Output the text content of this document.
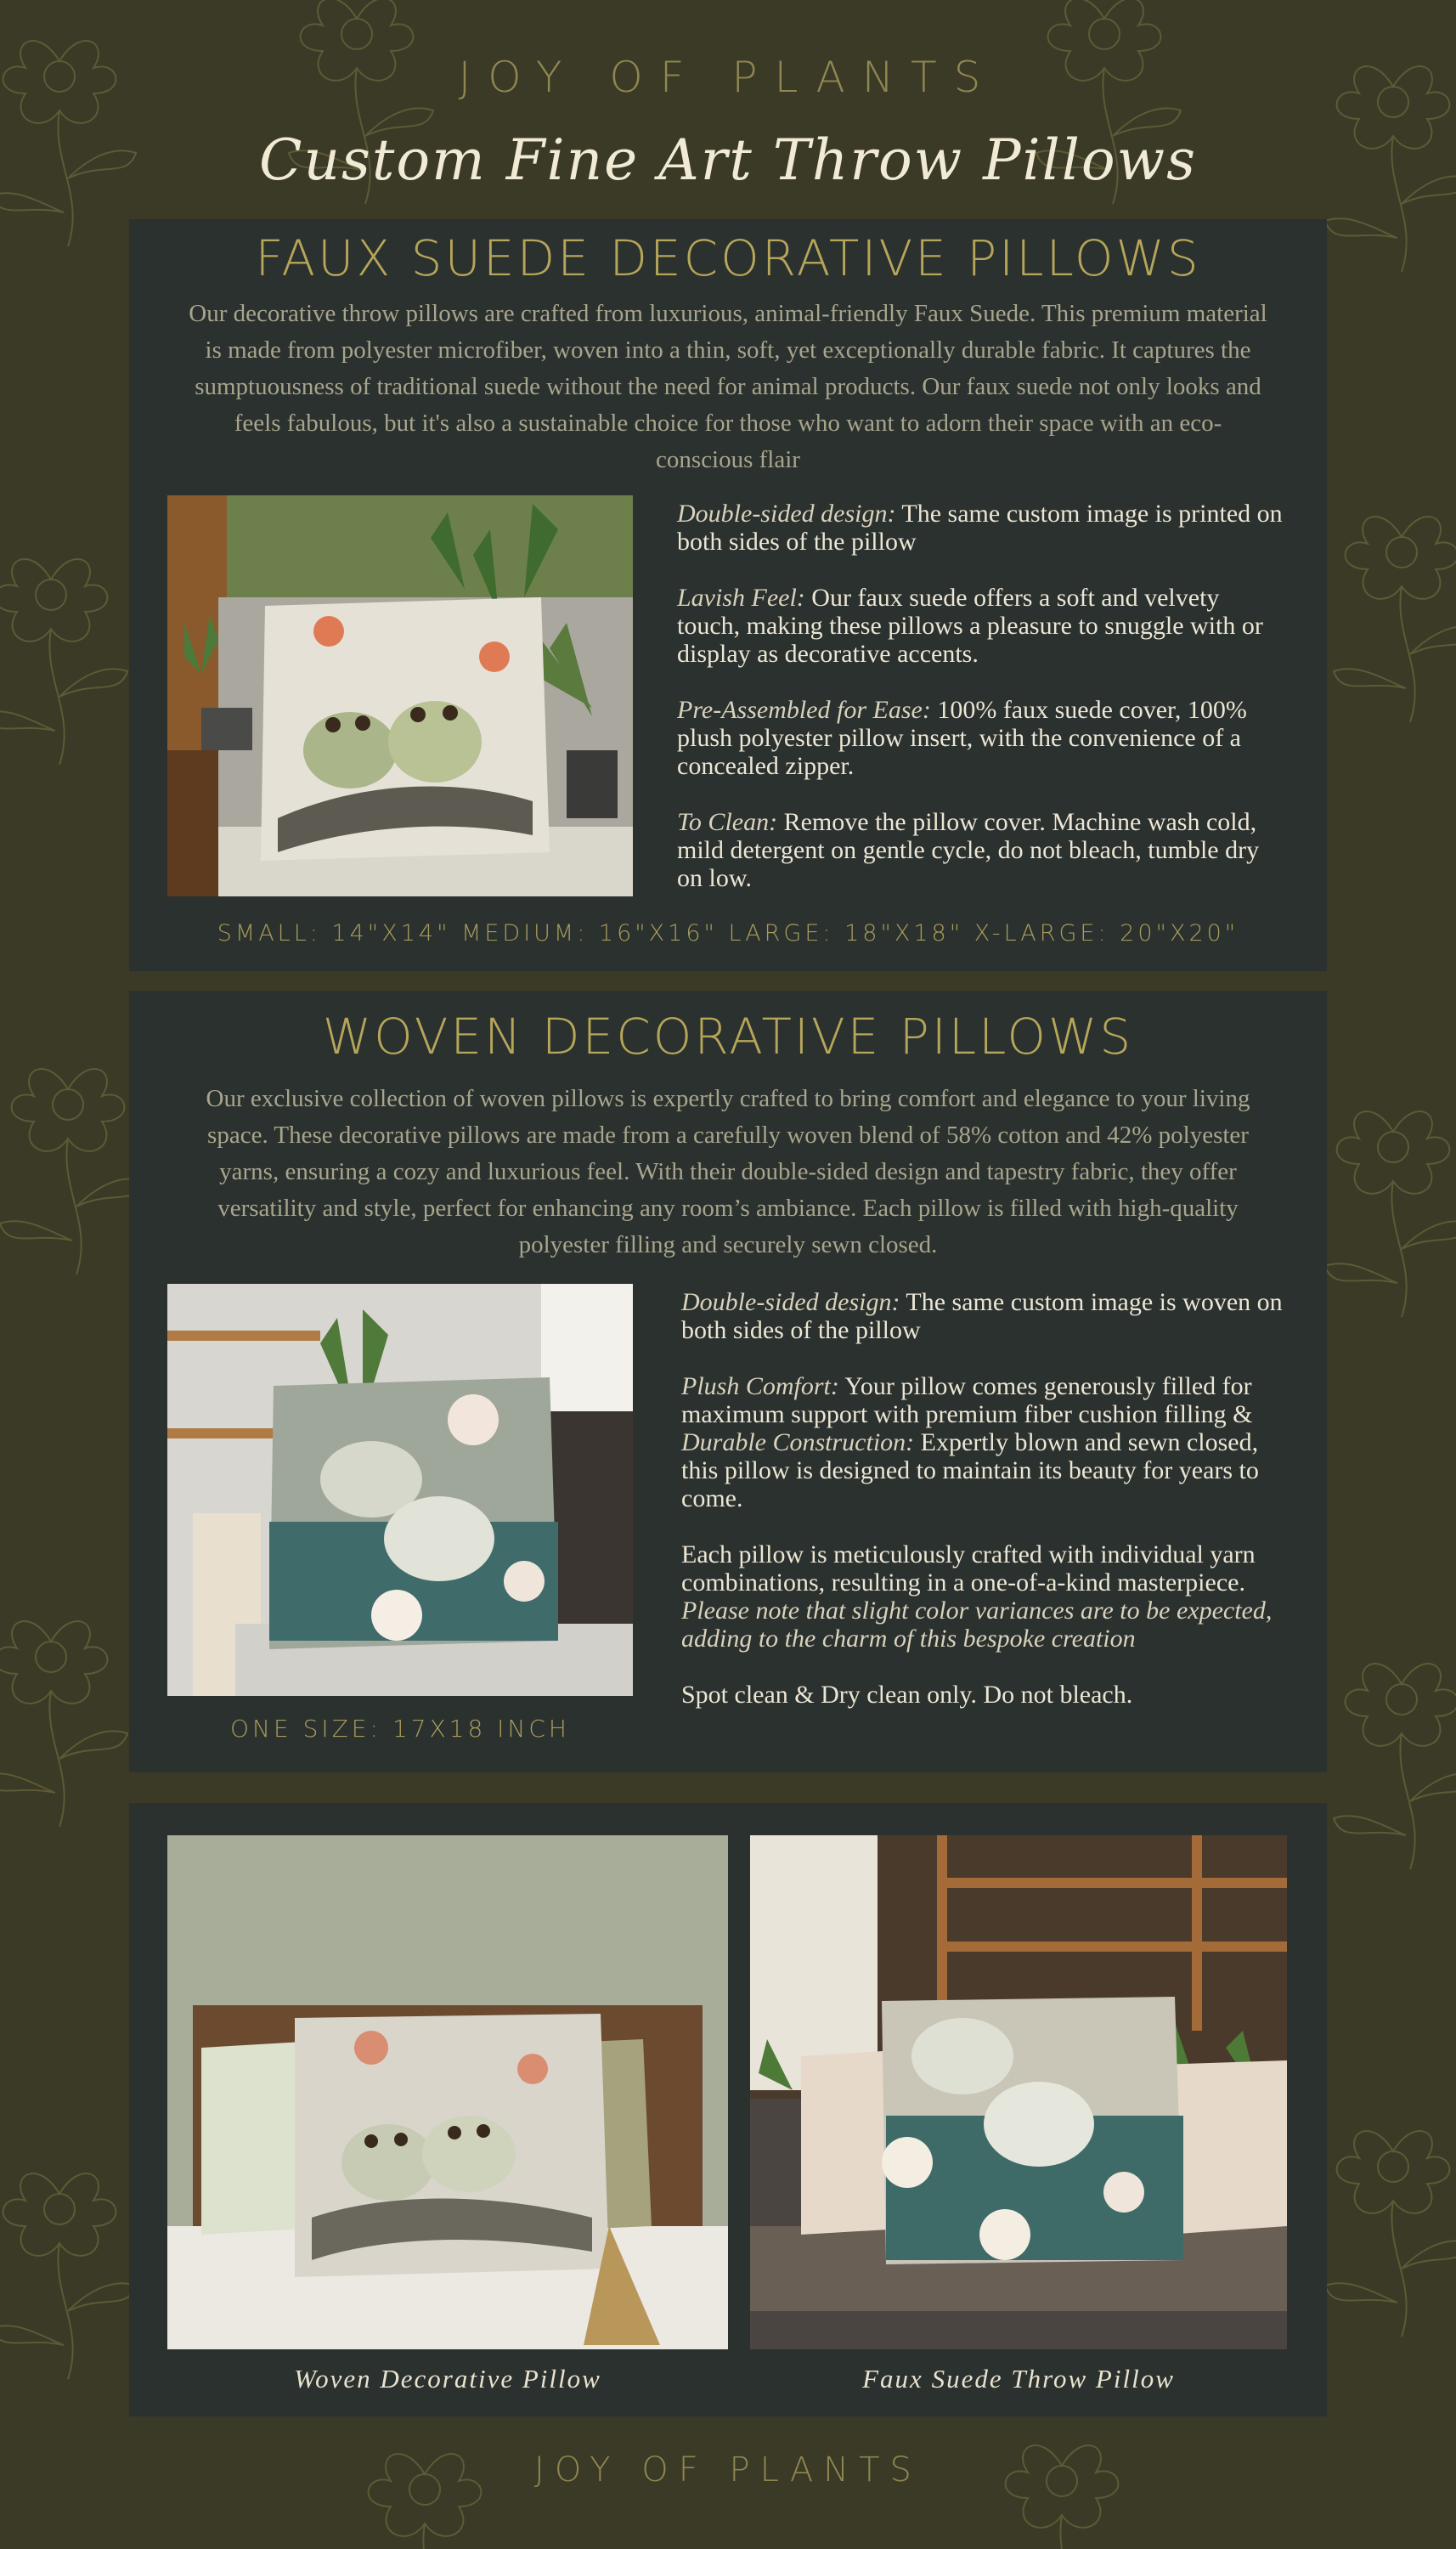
JOY OF PLANTS
Custom Fine Art Throw Pillows
FAUX SUEDE DECORATIVE PILLOWS
Our decorative throw pillows are crafted from luxurious, animal-friendly Faux Suede. This premium material is made from polyester microfiber, woven into a thin, soft, yet exceptionally durable fabric. It captures the sumptuousness of traditional suede without the need for animal products. Our faux suede not only looks and feels fabulous, but it's also a sustainable choice for those who want to adorn their space with an eco-conscious flair
Double-sided design: The same custom image is printed on both sides of the pillow
Lavish Feel: Our faux suede offers a soft and velvety touch, making these pillows a pleasure to snuggle with or display as decorative accents.
Pre-Assembled for Ease: 100% faux suede cover, 100% plush polyester pillow insert, with the convenience of a concealed zipper.
To Clean: Remove the pillow cover. Machine wash cold, mild detergent on gentle cycle, do not bleach, tumble dry on low.
SMALL: 14"X14" MEDIUM: 16"X16" LARGE: 18"X18" X-LARGE: 20"X20"
WOVEN DECORATIVE PILLOWS
Our exclusive collection of woven pillows is expertly crafted to bring comfort and elegance to your living space. These decorative pillows are made from a carefully woven blend of 58% cotton and 42% polyester yarns, ensuring a cozy and luxurious feel. With their double-sided design and tapestry fabric, they offer versatility and style, perfect for enhancing any room’s ambiance. Each pillow is filled with high-quality polyester filling and securely sewn closed.
Double-sided design: The same custom image is woven on both sides of the pillow
Plush Comfort: Your pillow comes generously filled for maximum support with premium fiber cushion filling & Durable Construction: Expertly blown and sewn closed, this pillow is designed to maintain its beauty for years to come.
Each pillow is meticulously crafted with individual yarn combinations, resulting in a one-of-a-kind masterpiece. Please note that slight color variances are to be expected, adding to the charm of this bespoke creation
Spot clean & Dry clean only. Do not bleach.
ONE SIZE: 17X18 INCH
Woven Decorative Pillow	Faux Suede Throw Pillow
JOY OF PLANTS
